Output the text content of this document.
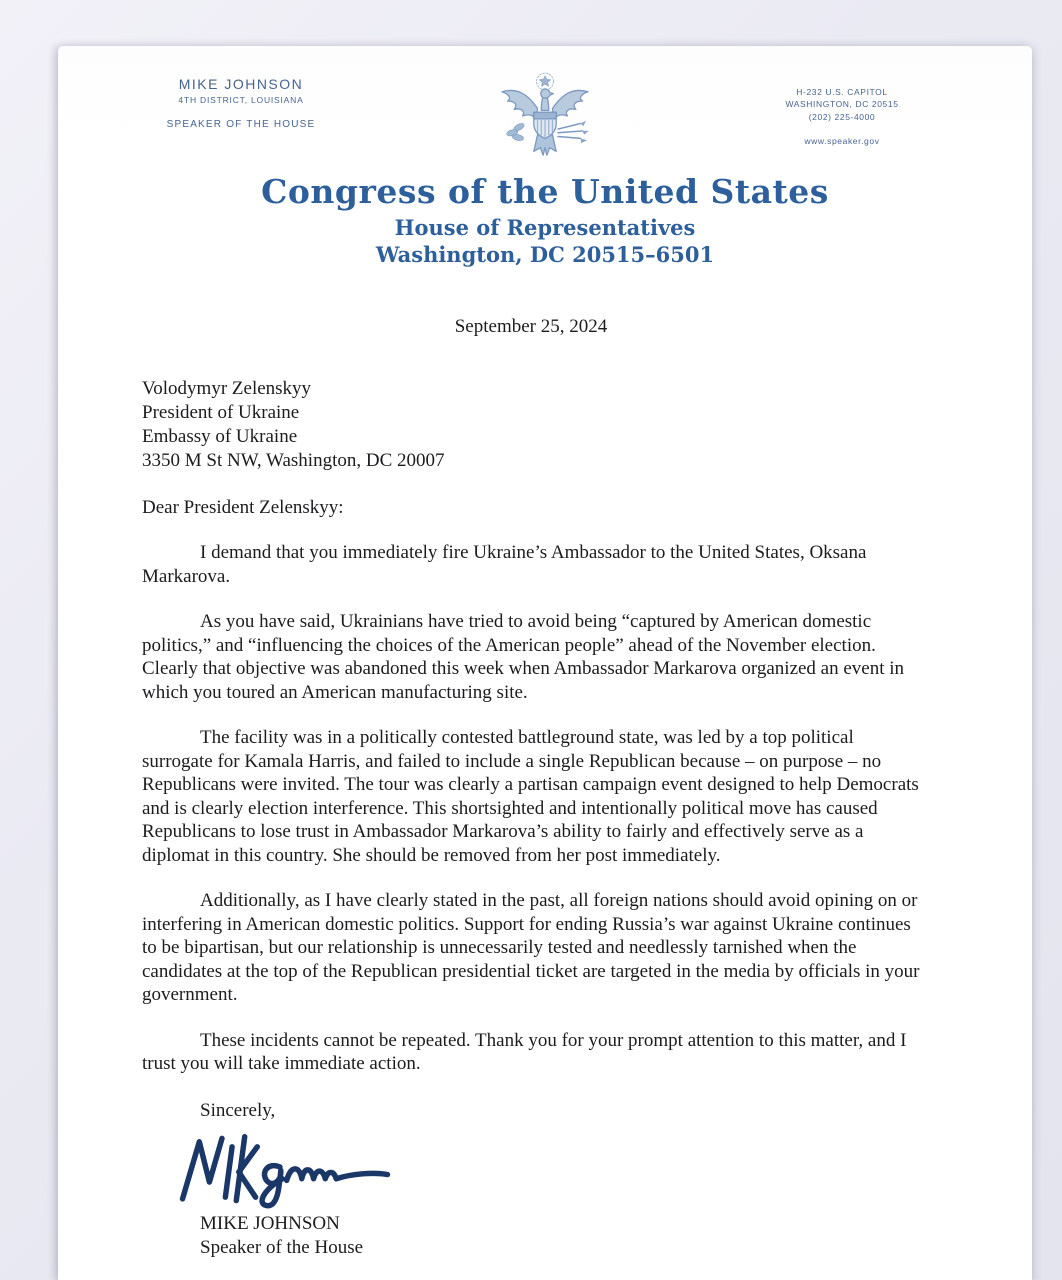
MIKE JOHNSON
4TH DISTRICT, LOUISIANA
SPEAKER OF THE HOUSE
H-232 U.S. CAPITOL
WASHINGTON, DC 20515
(202) 225-4000
www.speaker.gov
Congress of the United States
House of Representatives
Washington, DC 20515–6501
September 25, 2024
Volodymyr Zelenskyy
President of Ukraine
Embassy of Ukraine
3350 M St NW, Washington, DC 20007
Dear President Zelenskyy:
I demand that you immediately fire Ukraine’s Ambassador to the United States, Oksana Markarova.
As you have said, Ukrainians have tried to avoid being “captured by American domestic politics,” and “influencing the choices of the American people” ahead of the November election. Clearly that objective was abandoned this week when Ambassador Markarova organized an event in which you toured an American manufacturing site.
The facility was in a politically contested battleground state, was led by a top political surrogate for Kamala Harris, and failed to include a single Republican because – on purpose – no Republicans were invited. The tour was clearly a partisan campaign event designed to help Democrats and is clearly election interference. This shortsighted and intentionally political move has caused Republicans to lose trust in Ambassador Markarova’s ability to fairly and effectively serve as a diplomat in this country. She should be removed from her post immediately.
Additionally, as I have clearly stated in the past, all foreign nations should avoid opining on or interfering in American domestic politics. Support for ending Russia’s war against Ukraine continues to be bipartisan, but our relationship is unnecessarily tested and needlessly tarnished when the candidates at the top of the Republican presidential ticket are targeted in the media by officials in your government.
These incidents cannot be repeated. Thank you for your prompt attention to this matter, and I trust you will take immediate action.
Sincerely,
MIKE JOHNSON
Speaker of the House
